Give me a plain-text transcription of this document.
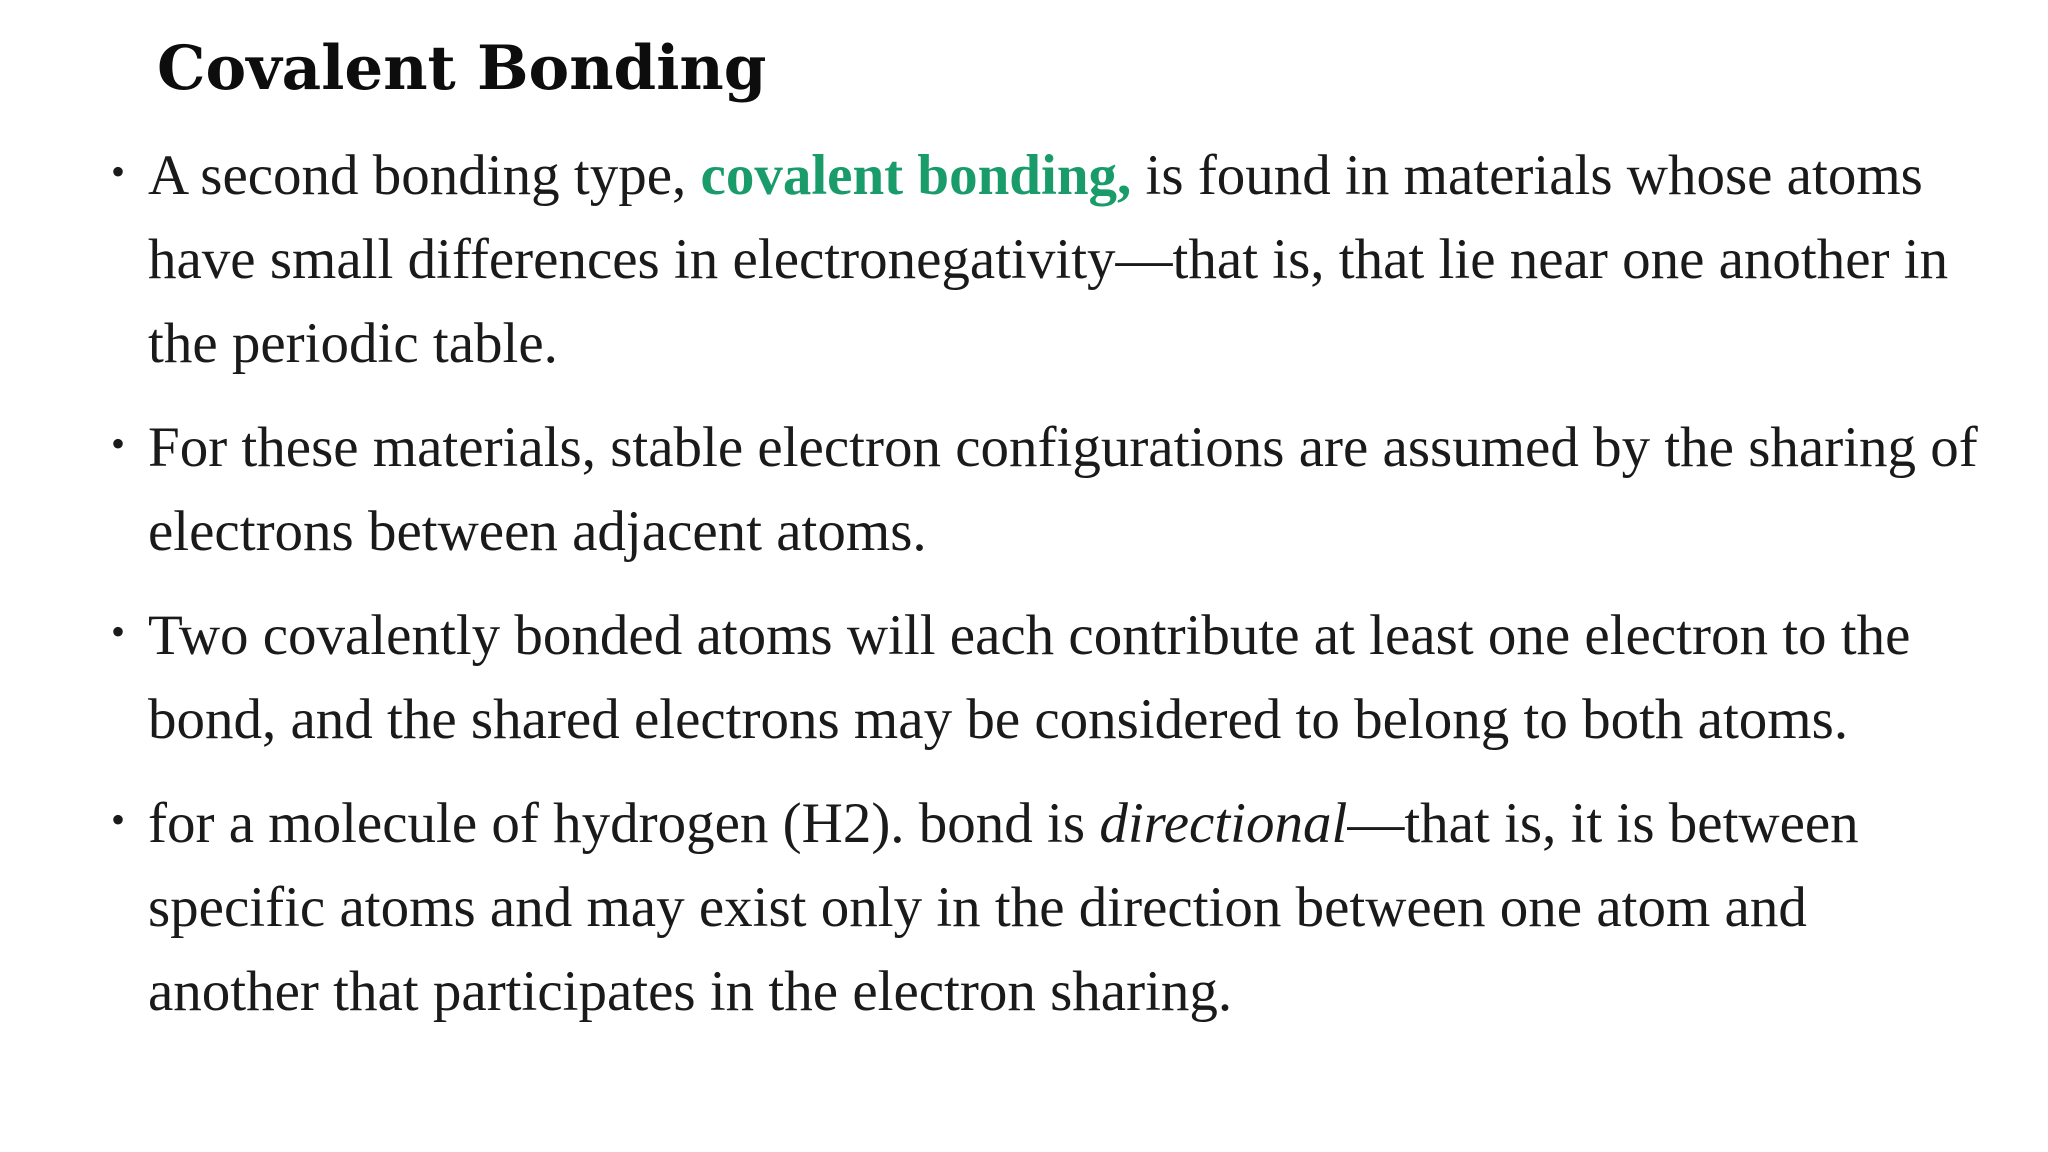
Covalent Bonding
• A second bonding type, covalent bonding, is found in materials whose atoms have small differences in electronegativity—that is, that lie near one another in the periodic table.
• For these materials, stable electron configurations are assumed by the sharing of electrons between adjacent atoms.
• Two covalently bonded atoms will each contribute at least one electron to the bond, and the shared electrons may be considered to belong to both atoms.
• for a molecule of hydrogen (H2). bond is directional—that is, it is between specific atoms and may exist only in the direction between one atom and another that participates in the electron sharing.
